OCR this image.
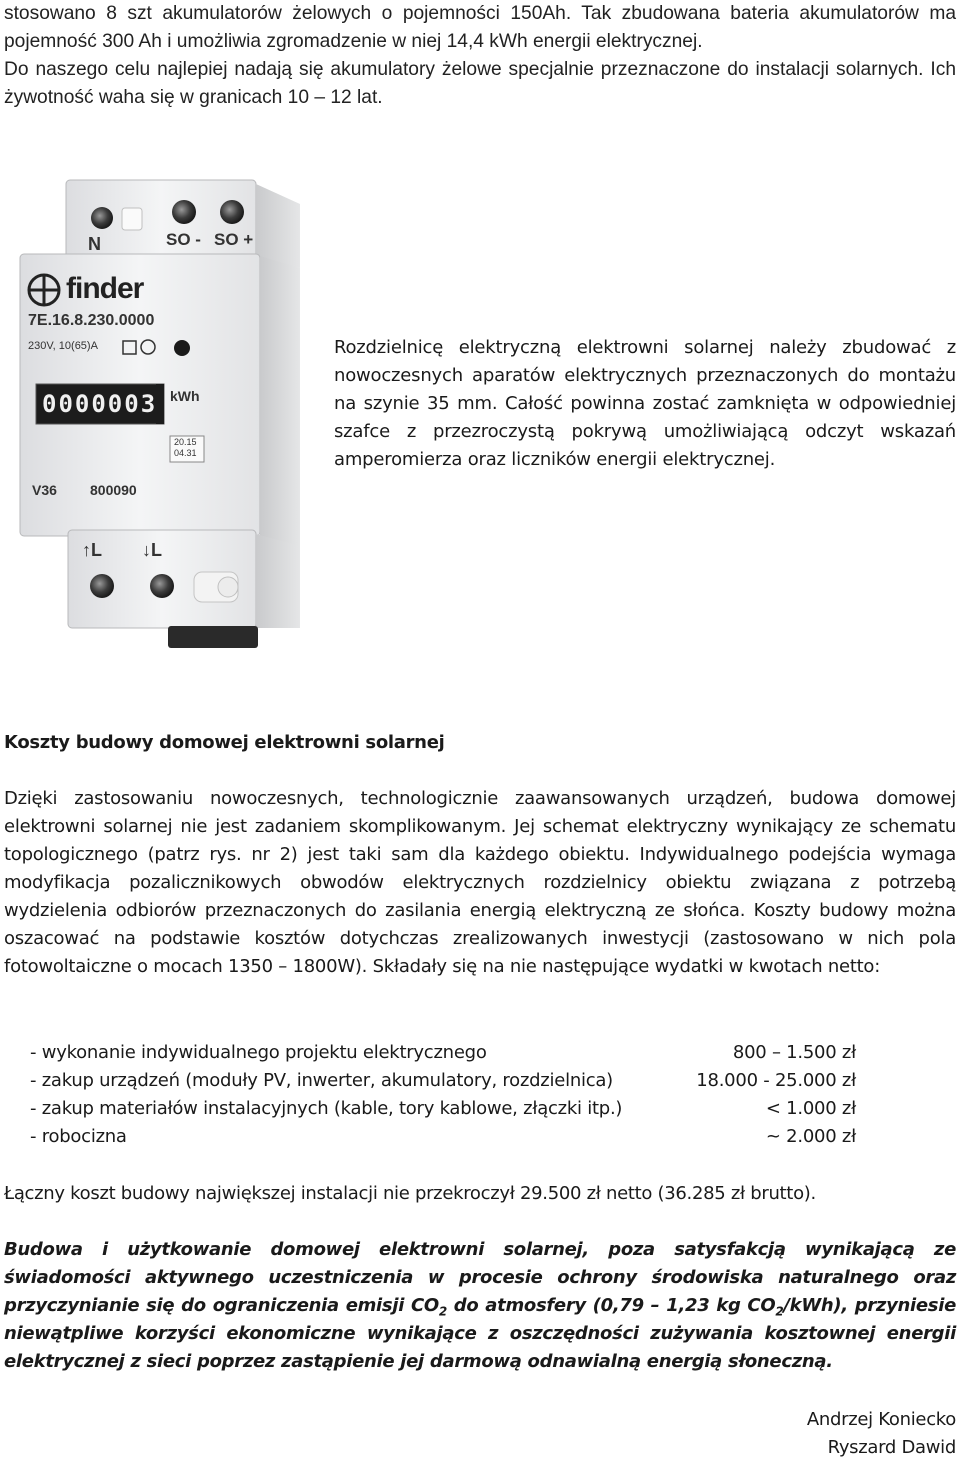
stosowano 8 szt akumulatorów żelowych o pojemności 150Ah. Tak zbudowana bateria akumulatorów ma pojemność 300 Ah i umożliwia zgromadzenie w niej 14,4 kWh energii elektrycznej.

Do naszego celu najlepiej nadają się akumulatory żelowe specjalnie przeznaczone do instalacji solarnych. Ich żywotność waha się w granicach 10 – 12 lat.

N	SO - SO +
finder
7E.16.8.230.0000
230V, 10(65)A
0000003 kWh
20.15
04.31
V36 800090
↑L ↓L

Rozdzielnicę elektryczną elektrowni solarnej należy zbudować z nowoczesnych aparatów elektrycznych przeznaczonych do montażu na szynie 35 mm. Całość powinna zostać zamknięta w odpowiedniej szafce z przezroczystą pokrywą umożliwiającą odczyt wskazań amperomierza oraz liczników energii elektrycznej.

Koszty budowy domowej elektrowni solarnej

Dzięki zastosowaniu nowoczesnych, technologicznie zaawansowanych urządzeń, budowa domowej elektrowni solarnej nie jest zadaniem skomplikowanym. Jej schemat elektryczny wynikający ze schematu topologicznego (patrz rys. nr 2) jest taki sam dla każdego obiektu. Indywidualnego podejścia wymaga modyfikacja pozalicznikowych obwodów elektrycznych rozdzielnicy obiektu związana z potrzebą wydzielenia odbiorów przeznaczonych do zasilania energią elektryczną ze słońca. Koszty budowy można oszacować na podstawie kosztów dotychczas zrealizowanych inwestycji (zastosowano w nich pola fotowoltaiczne o mocach 1350 – 1800W). Składały się na nie następujące wydatki w kwotach netto:

- wykonanie indywidualnego projektu elektrycznego	800 – 1.500 zł
- zakup urządzeń (moduły PV, inwerter, akumulatory, rozdzielnica)	18.000 - 25.000 zł
- zakup materiałów instalacyjnych (kable, tory kablowe, złączki itp.)	< 1.000 zł
- robocizna	~ 2.000 zł

Łączny koszt budowy największej instalacji nie przekroczył 29.500 zł netto (36.285 zł brutto).

Budowa i użytkowanie domowej elektrowni solarnej, poza satysfakcją wynikającą ze świadomości aktywnego uczestniczenia w procesie ochrony środowiska naturalnego oraz przyczynianie się do ograniczenia emisji $CO_2$ do atmosfery (0,79 – 1,23 kg $CO_2/kWh$), przyniesie niewątpliwe korzyści ekonomiczne wynikające z oszczędności zużywania kosztownej energii elektrycznej z sieci poprzez zastąpienie jej darmową odnawialną energią słoneczną.

Andrzej Koniecko
Ryszard Dawid
